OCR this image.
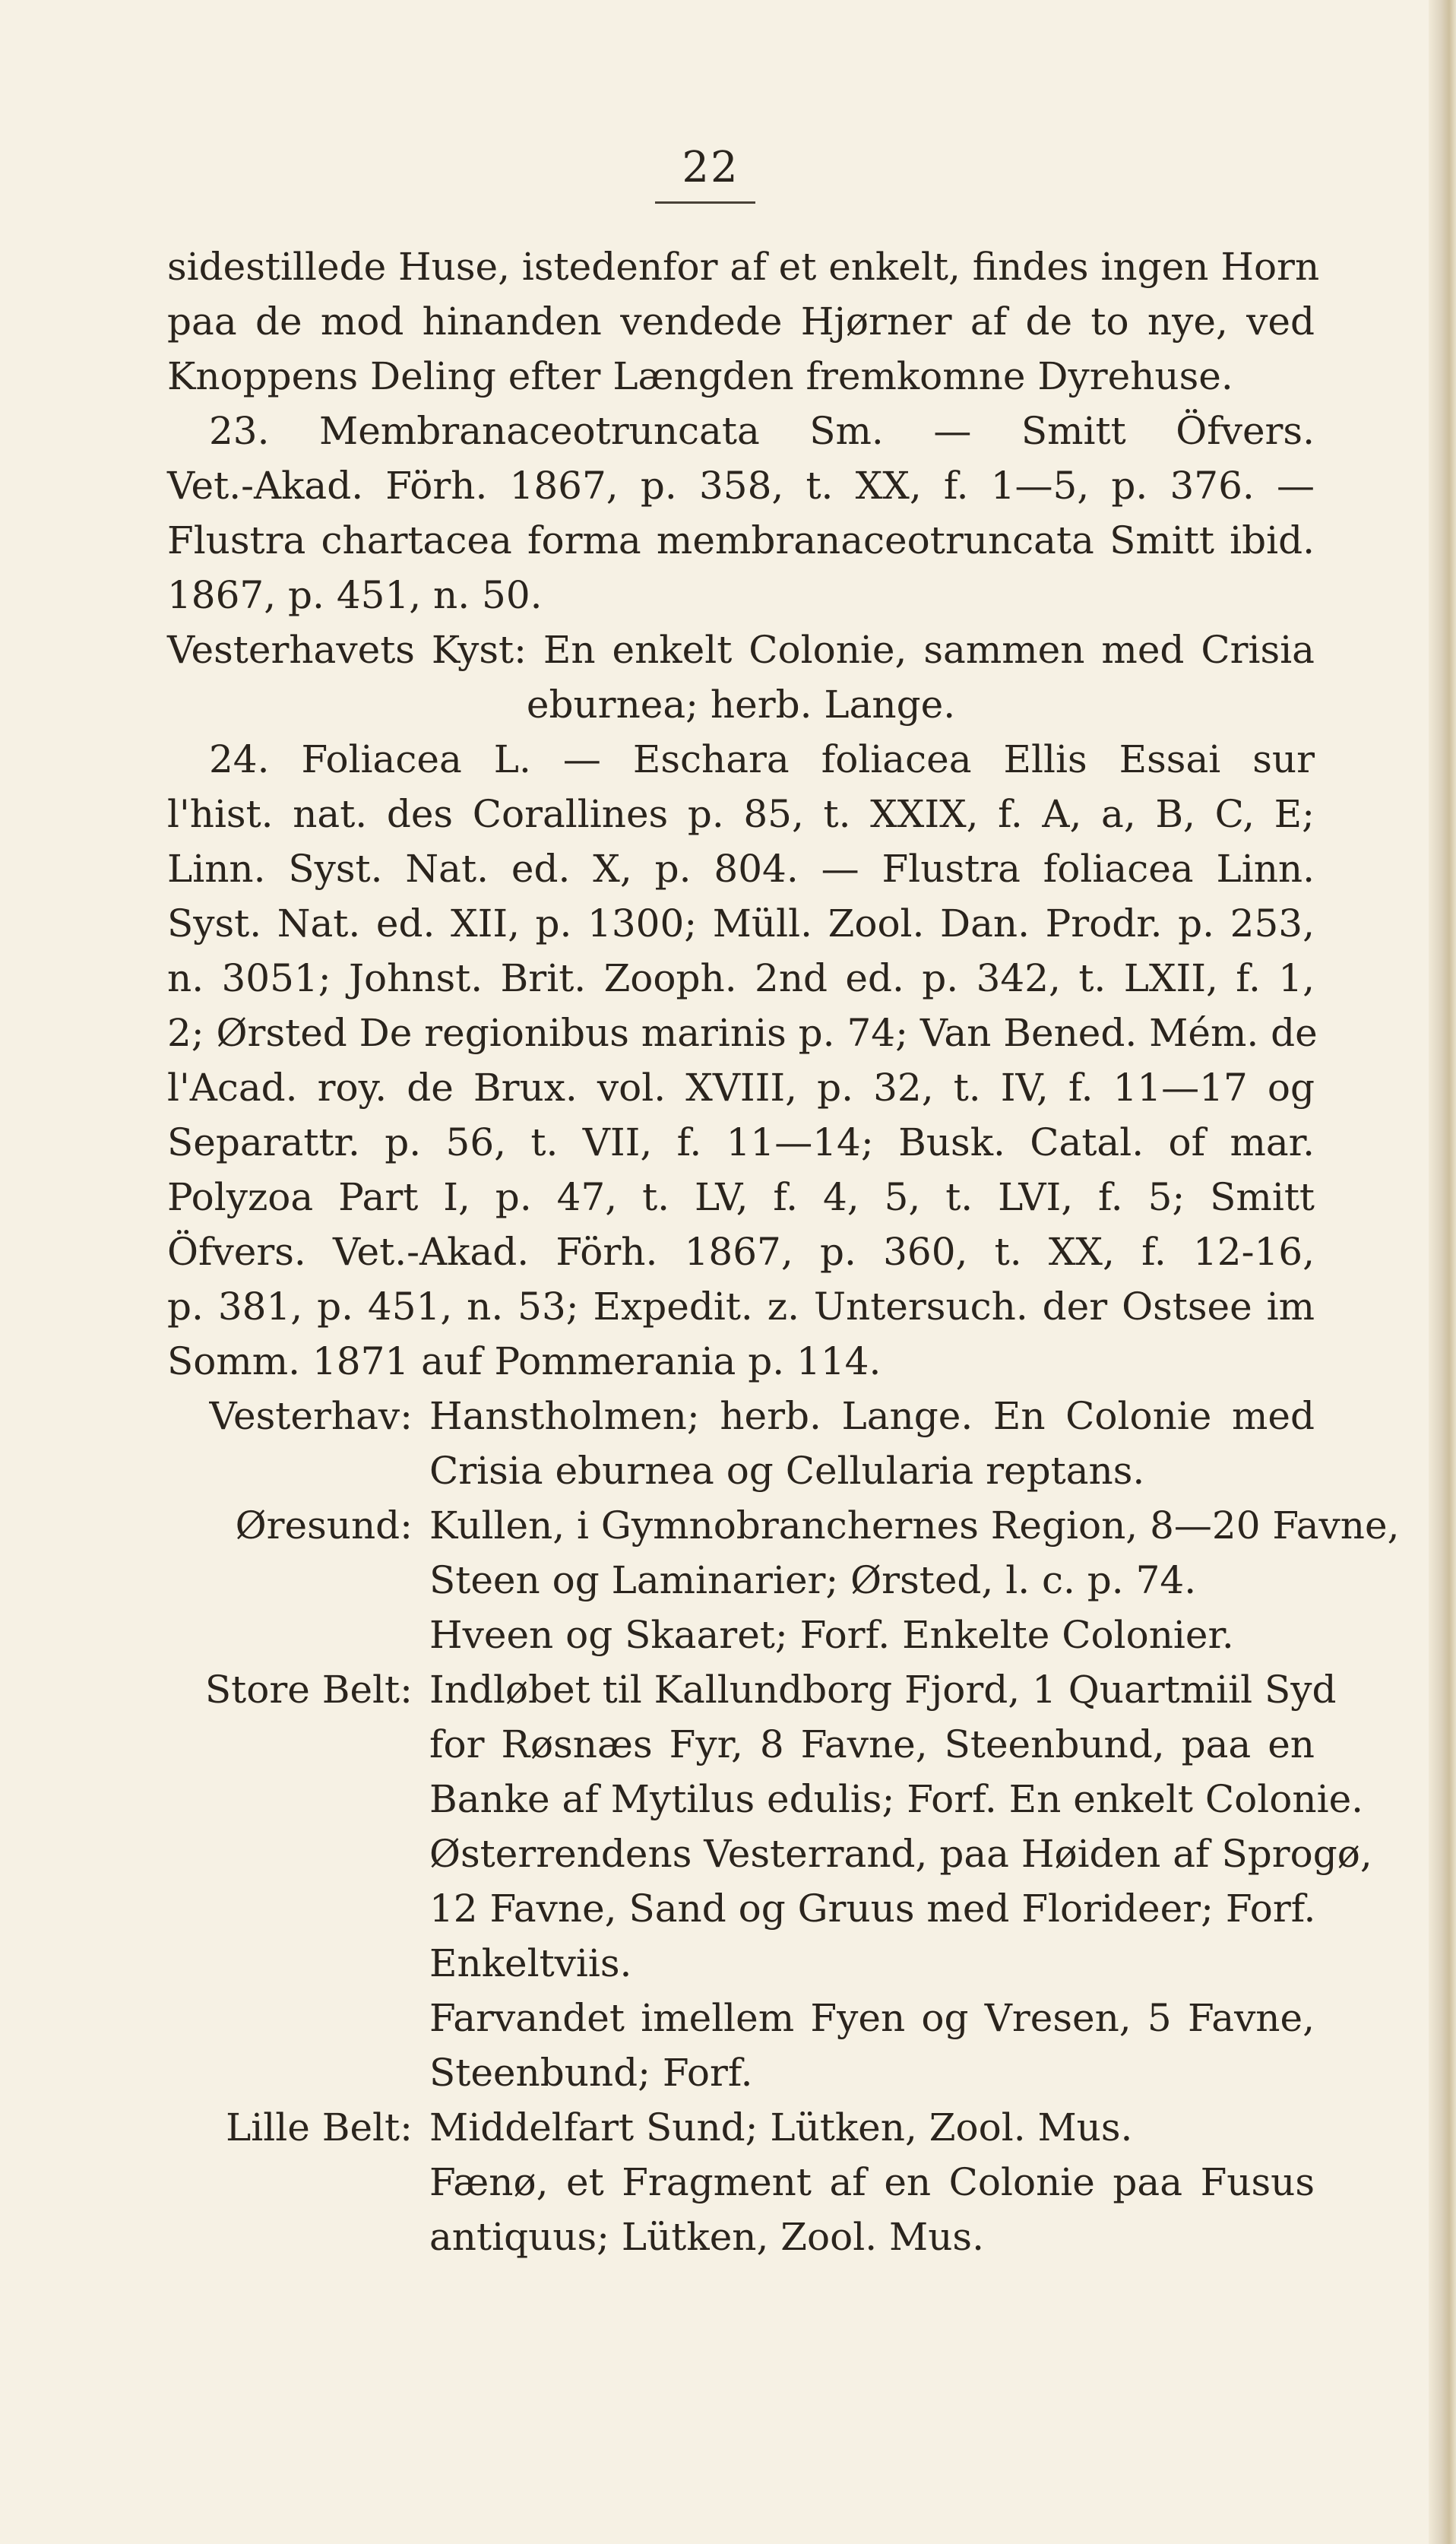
22
sidestillede Huse, istedenfor af et enkelt, findes ingen Horn
paa de mod hinanden vendede Hjørner af de to nye, ved
Knoppens Deling efter Længden fremkomne Dyrehuse.
23. Membranaceotruncata Sm. — Smitt Öfvers.
Vet.-Akad. Förh. 1867, p. 358, t. XX, f. 1—5, p. 376. —
Flustra chartacea forma membranaceotruncata Smitt ibid.
1867, p. 451, n. 50.
Vesterhavets Kyst: En enkelt Colonie, sammen med Crisia
eburnea; herb. Lange.
24. Foliacea L. — Eschara foliacea Ellis Essai sur
l'hist. nat. des Corallines p. 85, t. XXIX, f. A, a, B, C, E;
Linn. Syst. Nat. ed. X, p. 804. — Flustra foliacea Linn.
Syst. Nat. ed. XII, p. 1300; Müll. Zool. Dan. Prodr. p. 253,
n. 3051; Johnst. Brit. Zooph. 2nd ed. p. 342, t. LXII, f. 1,
2; Ørsted De regionibus marinis p. 74; Van Bened. Mém. de
l'Acad. roy. de Brux. vol. XVIII, p. 32, t. IV, f. 11—17 og
Separattr. p. 56, t. VII, f. 11—14; Busk. Catal. of mar.
Polyzoa Part I, p. 47, t. LV, f. 4, 5, t. LVI, f. 5; Smitt
Öfvers. Vet.-Akad. Förh. 1867, p. 360, t. XX, f. 12-16,
p. 381, p. 451, n. 53; Expedit. z. Untersuch. der Ostsee im
Somm. 1871 auf Pommerania p. 114.
Vesterhav: Hanstholmen; herb. Lange. En Colonie med
Crisia eburnea og Cellularia reptans.
Øresund: Kullen, i Gymnobranchernes Region, 8—20 Favne,
Steen og Laminarier; Ørsted, l. c. p. 74.
Hveen og Skaaret; Forf. Enkelte Colonier.
Store Belt: Indløbet til Kallundborg Fjord, 1 Quartmiil Syd
for Røsnæs Fyr, 8 Favne, Steenbund, paa en
Banke af Mytilus edulis; Forf. En enkelt Colonie.
Østerrendens Vesterrand, paa Høiden af Sprogø,
12 Favne, Sand og Gruus med Florideer; Forf.
Enkeltviis.
Farvandet imellem Fyen og Vresen, 5 Favne,
Steenbund; Forf.
Lille Belt: Middelfart Sund; Lütken, Zool. Mus.
Fænø, et Fragment af en Colonie paa Fusus
antiquus; Lütken, Zool. Mus.
